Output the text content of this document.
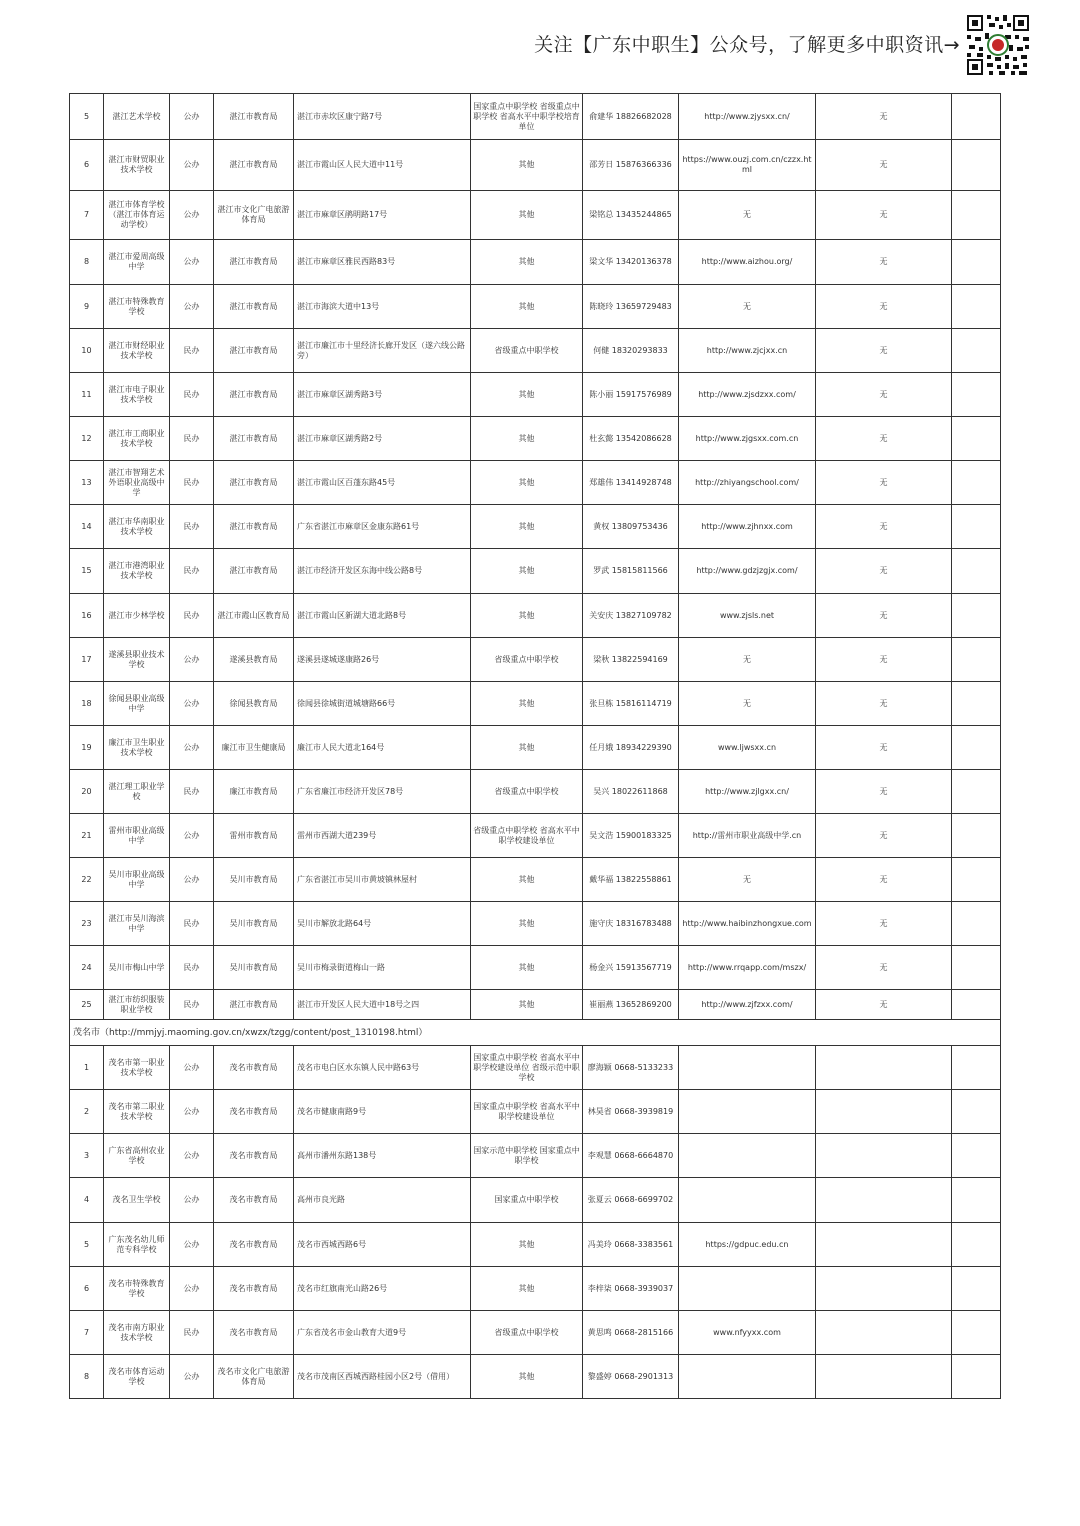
关注【广东中职生】公众号，了解更多中职资讯→
5	湛江艺术学校	公办	湛江市教育局	湛江市赤坎区康宁路7号	国家重点中职学校 省级重点中职学校 省高水平中职学校培育单位	俞建华 18826682028	http://www.zjysxx.cn/	无	
6	湛江市财贸职业技术学校	公办	湛江市教育局	湛江市霞山区人民大道中11号	其他	邵芳日 15876366336	https://www.ouzj.com.cn/czzx.html	无	
7	湛江市体育学校（湛江市体育运动学校）	公办	湛江市文化广电旅游体育局	湛江市麻章区鹃明路17号	其他	梁铭总 13435244865	无	无	
8	湛江市爱周高级中学	公办	湛江市教育局	湛江市麻章区雅民西路83号	其他	梁文华 13420136378	http://www.aizhou.org/	无	
9	湛江市特殊教育学校	公办	湛江市教育局	湛江市海滨大道中13号	其他	陈晓玲 13659729483	无	无	
10	湛江市财经职业技术学校	民办	湛江市教育局	湛江市廉江市十里经济长廊开发区（遂六线公路旁）	省级重点中职学校	何健 18320293833	http://www.zjcjxx.cn	无	
11	湛江市电子职业技术学校	民办	湛江市教育局	湛江市麻章区湖秀路3号	其他	陈小丽 15917576989	http://www.zjsdzxx.com/	无	
12	湛江市工商职业技术学校	民办	湛江市教育局	湛江市麻章区湖秀路2号	其他	杜玄懿 13542086628	http://www.zjgsxx.com.cn	无	
13	湛江市智翔艺术外语职业高级中学	民办	湛江市教育局	湛江市霞山区百蓬东路45号	其他	郑雄伟 13414928748	http://zhiyangschool.com/	无	
14	湛江市华南职业技术学校	民办	湛江市教育局	广东省湛江市麻章区金康东路61号	其他	黄权 13809753436	http://www.zjhnxx.com	无	
15	湛江市港湾职业技术学校	民办	湛江市教育局	湛江市经济开发区东海中线公路8号	其他	罗武 15815811566	http://www.gdzjzgjx.com/	无	
16	湛江市少林学校	民办	湛江市霞山区教育局	湛江市霞山区新湖大道北路8号	其他	关安庆 13827109782	www.zjsls.net	无	
17	遂溪县职业技术学校	公办	遂溪县教育局	遂溪县遂城遂康路26号	省级重点中职学校	梁秋 13822594169	无	无	
18	徐闻县职业高级中学	公办	徐闻县教育局	徐闻县徐城街道城塘路66号	其他	张旦栋 15816114719	无	无	
19	廉江市卫生职业技术学校	公办	廉江市卫生健康局	廉江市人民大道北164号	其他	任月娥 18934229390	www.ljwsxx.cn	无	
20	湛江理工职业学校	民办	廉江市教育局	广东省廉江市经济开发区78号	省级重点中职学校	吴兴 18022611868	http://www.zjlgxx.cn/	无	
21	雷州市职业高级中学	公办	雷州市教育局	雷州市西湖大道239号	省级重点中职学校 省高水平中职学校建设单位	吴文浩 15900183325	http://雷州市职业高级中学.cn	无	
22	吴川市职业高级中学	公办	吴川市教育局	广东省湛江市吴川市黄坡镇林屋村	其他	戴华福 13822558861	无	无	
23	湛江市吴川海滨中学	民办	吴川市教育局	吴川市解放北路64号	其他	施守庆 18316783488	http://www.haibinzhongxue.com	无	
24	吴川市梅山中学	民办	吴川市教育局	吴川市梅录街道梅山一路	其他	杨金兴 15913567719	http://www.rrqapp.com/mszx/	无	
25	湛江市纺织服装职业学校	民办	湛江市教育局	湛江市开发区人民大道中18号之四	其他	崔丽燕 13652869200	http://www.zjfzxx.com/	无	
茂名市（http://mmjyj.maoming.gov.cn/xwzx/tzgg/content/post_1310198.html）									
1	茂名市第一职业技术学校	公办	茂名市教育局	茂名市电白区水东镇人民中路63号	国家重点中职学校 省高水平中职学校建设单位 省级示范中职学校	廖海颖 0668-5133233			
2	茂名市第二职业技术学校	公办	茂名市教育局	茂名市健康南路9号	国家重点中职学校 省高水平中职学校建设单位	林昊省 0668-3939819			
3	广东省高州农业学校	公办	茂名市教育局	高州市潘州东路138号	国家示范中职学校 国家重点中职学校	李观慧 0668-6664870			
4	茂名卫生学校	公办	茂名市教育局	高州市良光路	国家重点中职学校	张夏云 0668-6699702			
5	广东茂名幼儿师范专科学校	公办	茂名市教育局	茂名市西城西路6号	其他	冯美玲 0668-3383561	https://gdpuc.edu.cn		
6	茂名市特殊教育学校	公办	茂名市教育局	茂名市红旗南光山路26号	其他	李梓柒 0668-3939037			
7	茂名市南方职业技术学校	民办	茂名市教育局	广东省茂名市金山教育大道9号	省级重点中职学校	黄思鸣 0668-2815166	www.nfyyxx.com		
8	茂名市体育运动学校	公办	茂名市文化广电旅游体育局	茂名市茂南区西城西路桂园小区2号（借用）	其他	黎盛婷 0668-2901313			
